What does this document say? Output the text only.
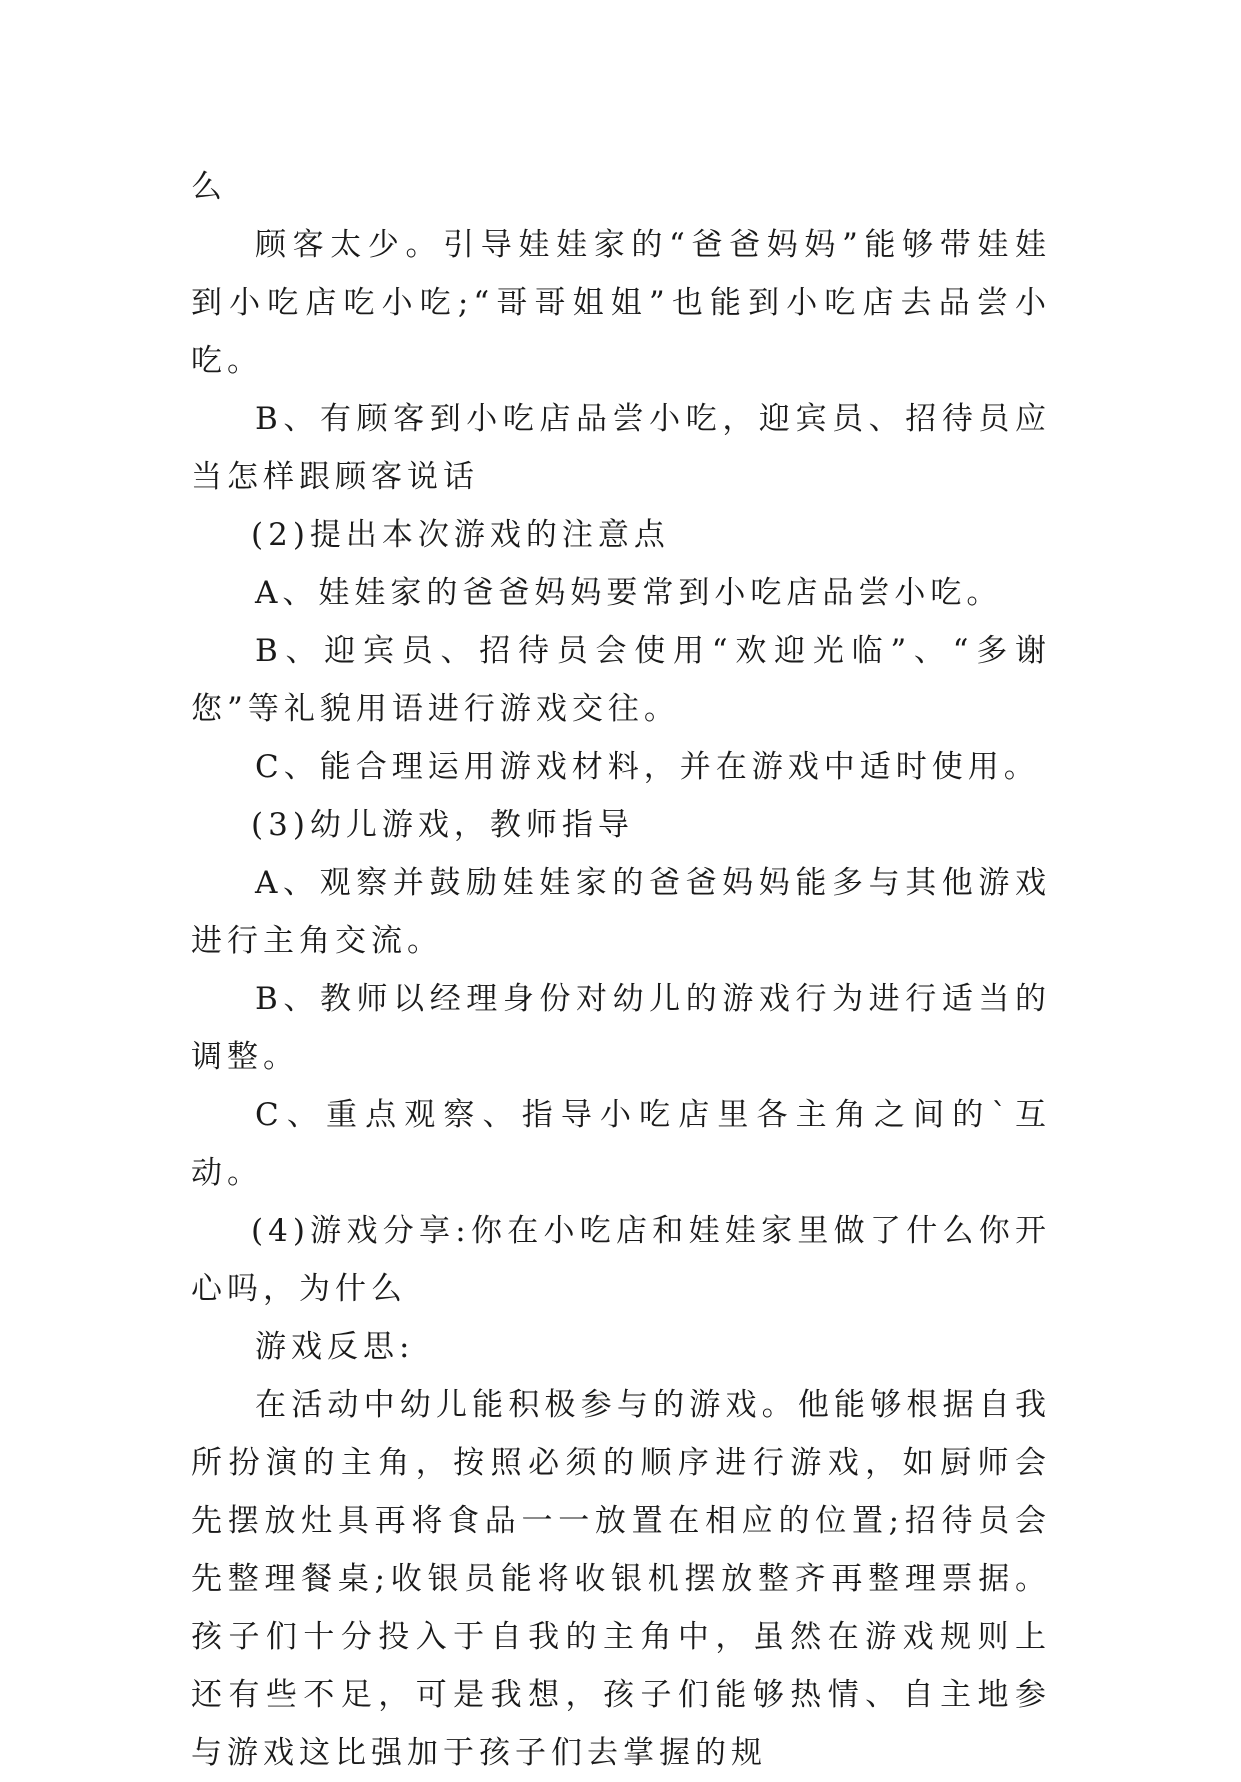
么

顾客太少。引导娃娃家的“爸爸妈妈”能够带娃娃到小吃店吃小吃;“哥哥姐姐”也能到小吃店去品尝小吃。

B、有顾客到小吃店品尝小吃，迎宾员、招待员应当怎样跟顾客说话

(2)提出本次游戏的注意点

A、娃娃家的爸爸妈妈要常到小吃店品尝小吃。

B、迎宾员、招待员会使用“欢迎光临”、“多谢您”等礼貌用语进行游戏交往。

C、能合理运用游戏材料，并在游戏中适时使用。

(3)幼儿游戏，教师指导

A、观察并鼓励娃娃家的爸爸妈妈能多与其他游戏进行主角交流。

B、教师以经理身份对幼儿的游戏行为进行适当的调整。

C、重点观察、指导小吃店里各主角之间的`互动。

(4)游戏分享:你在小吃店和娃娃家里做了什么你开心吗，为什么

游戏反思:

在活动中幼儿能积极参与的游戏。他能够根据自我所扮演的主角，按照必须的顺序进行游戏，如厨师会先摆放灶具再将食品一一放置在相应的位置;招待员会先整理餐桌;收银员能将收银机摆放整齐再整理票据。孩子们十分投入于自我的主角中，虽然在游戏规则上还有些不足，可是我想，孩子们能够热情、自主地参与游戏这比强加于孩子们去掌握的规
